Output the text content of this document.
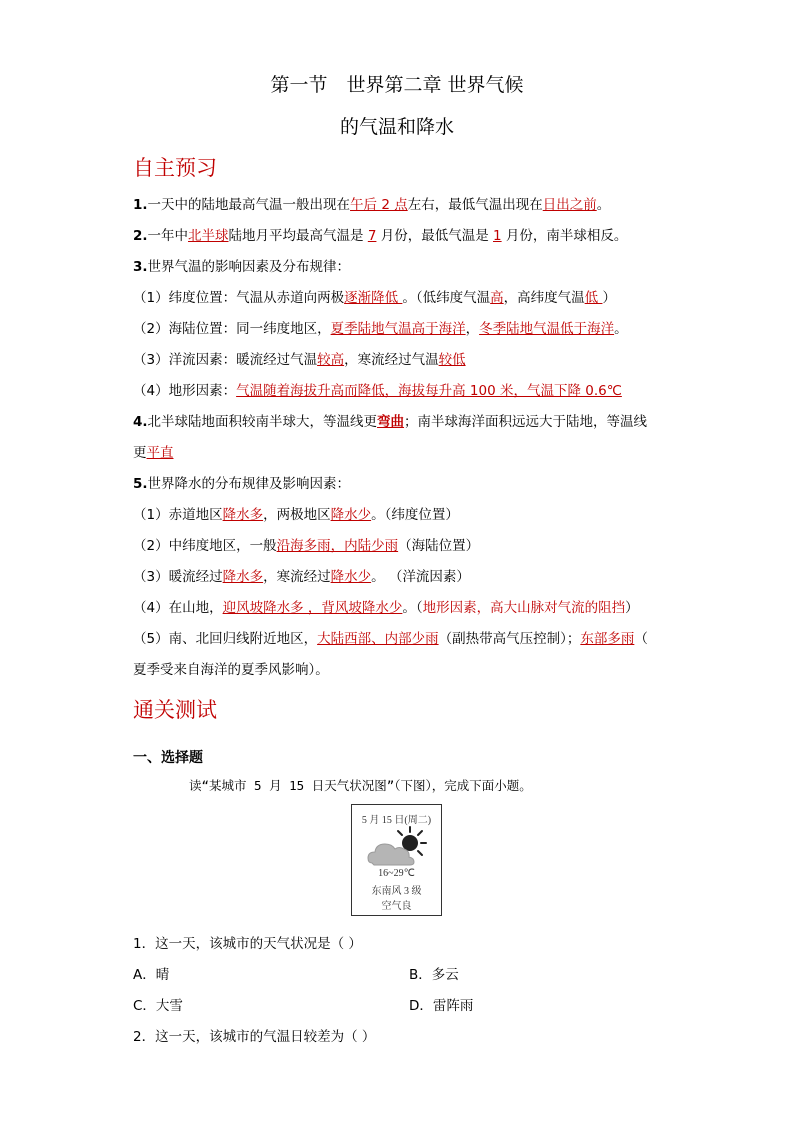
第一节　世界第二章 世界气候
的气温和降水
自主预习
1.一天中的陆地最高气温一般出现在午后 2 点左右，最低气温出现在日出之前。
2.一年中北半球陆地月平均最高气温是 7 月份，最低气温是 1 月份，南半球相反。
3.世界气温的影响因素及分布规律：
（1）纬度位置：气温从赤道向两极逐渐降低 。（低纬度气温高，高纬度气温低 ）
（2）海陆位置：同一纬度地区，夏季陆地气温高于海洋，冬季陆地气温低于海洋。
（3）洋流因素：暖流经过气温较高，寒流经过气温较低
（4）地形因素：气温随着海拔升高而降低，海拔每升高 100 米，气温下降 0.6℃
4.北半球陆地面积较南半球大，等温线更弯曲；南半球海洋面积远远大于陆地，等温线
更平直
5.世界降水的分布规律及影响因素：
（1）赤道地区降水多，两极地区降水少。（纬度位置）
（2）中纬度地区，一般沿海多雨，内陆少雨（海陆位置）
（3）暖流经过降水多，寒流经过降水少。 （洋流因素）
（4）在山地，迎风坡降水多 ，背风坡降水少。（地形因素，高大山脉对气流的阻挡）
（5）南、北回归线附近地区，大陆西部、内部少雨（副热带高气压控制）；东部多雨（
夏季受来自海洋的夏季风影响）。
通关测试
一、选择题
读“某城市 5 月 15 日天气状况图”（下图），完成下面小题。
5 月 15 日(周二)
16~29℃
东南风 3 级
空气良
1．这一天，该城市的天气状况是（ ）
A．晴	B．多云
C．大雪	D．雷阵雨
2．这一天，该城市的气温日较差为（ ）
